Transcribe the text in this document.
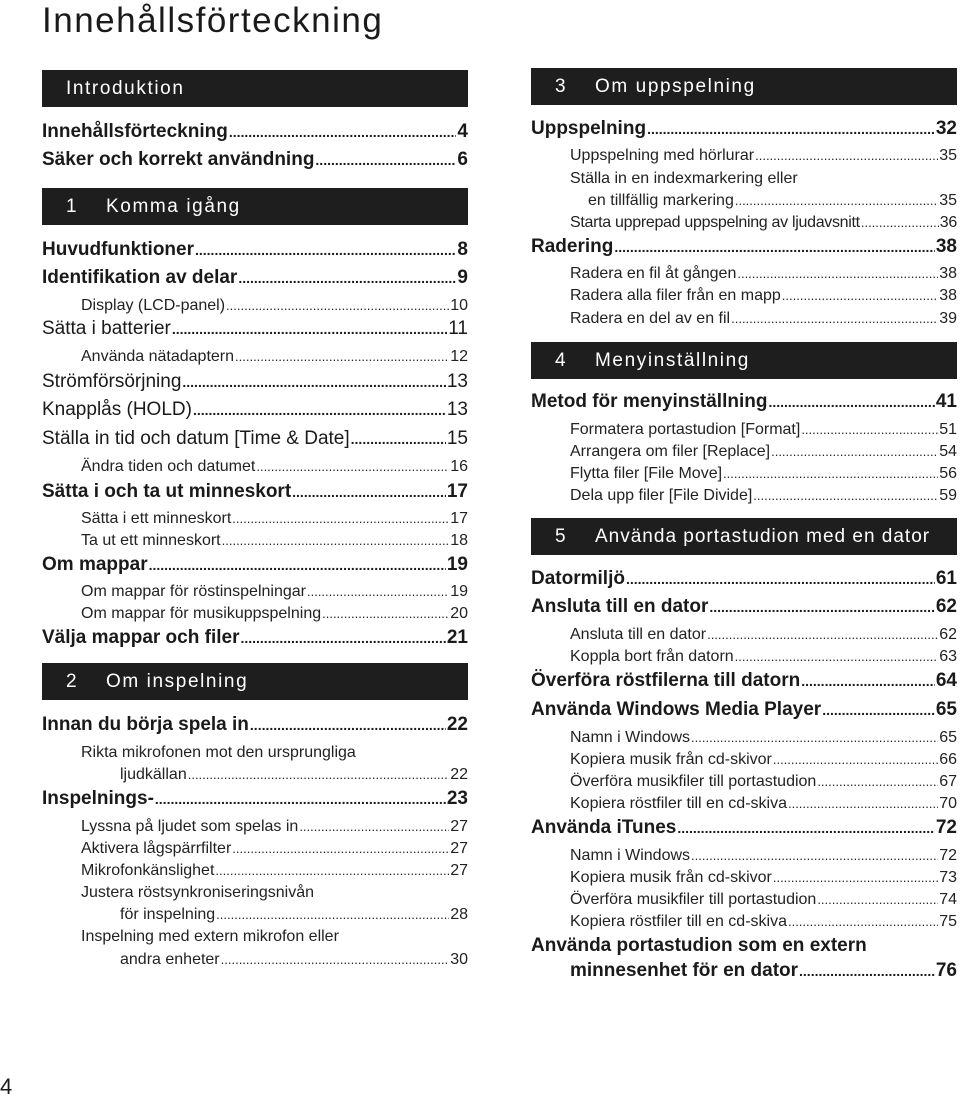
Innehållsförteckning
Introduktion
Innehållsförteckning .....	4
Säker och korrekt användning .....	6
1 Komma igång
Huvudfunktioner .....	8
Identifikation av delar .....	9
Display (LCD-panel) .....	10
Sätta i batterier .....	11
Använda nätadaptern .....	12
Strömförsörjning .....	13
Knapplås (HOLD) .....	13
Ställa in tid och datum [Time & Date] .....	15
Ändra tiden och datumet .....	16
Sätta i och ta ut minneskort .....	17
Sätta i ett minneskort .....	17
Ta ut ett minneskort .....	18
Om mappar .....	19
Om mappar för röstinspelningar .....	19
Om mappar för musikuppspelning .....	20
Välja mappar och filer .....	21
2 Om inspelning
Innan du börja spela in .....	22
Rikta mikrofonen mot den ursprungliga
ljudkällan .....	22
Inspelnings- .....	23
Lyssna på ljudet som spelas in .....	27
Aktivera lågspärrfilter .....	27
Mikrofonkänslighet .....	27
Justera röstsynkroniseringsnivån
för inspelning .....	28
Inspelning med extern mikrofon eller
andra enheter .....	30
3 Om uppspelning
Uppspelning .....	32
Uppspelning med hörlurar .....	35
Ställa in en indexmarkering eller
en tillfällig markering .....	35
Starta upprepad uppspelning av ljudavsnitt .....	36
Radering .....	38
Radera en fil åt gången .....	38
Radera alla filer från en mapp .....	38
Radera en del av en fil .....	39
4 Menyinställning
Metod för menyinställning .....	41
Formatera portastudion [Format] .....	51
Arrangera om filer [Replace] .....	54
Flytta filer [File Move] .....	56
Dela upp filer [File Divide] .....	59
5 Använda portastudion med en dator
Datormiljö .....	61
Ansluta till en dator .....	62
Ansluta till en dator .....	62
Koppla bort från datorn .....	63
Överföra röstfilerna till datorn .....	64
Använda Windows Media Player .....	65
Namn i Windows .....	65
Kopiera musik från cd-skivor .....	66
Överföra musikfiler till portastudion .....	67
Kopiera röstfiler till en cd-skiva .....	70
Använda iTunes .....	72
Namn i Windows .....	72
Kopiera musik från cd-skivor .....	73
Överföra musikfiler till portastudion .....	74
Kopiera röstfiler till en cd-skiva .....	75
Använda portastudion som en extern
minnesenhet för en dator .....	76
4
